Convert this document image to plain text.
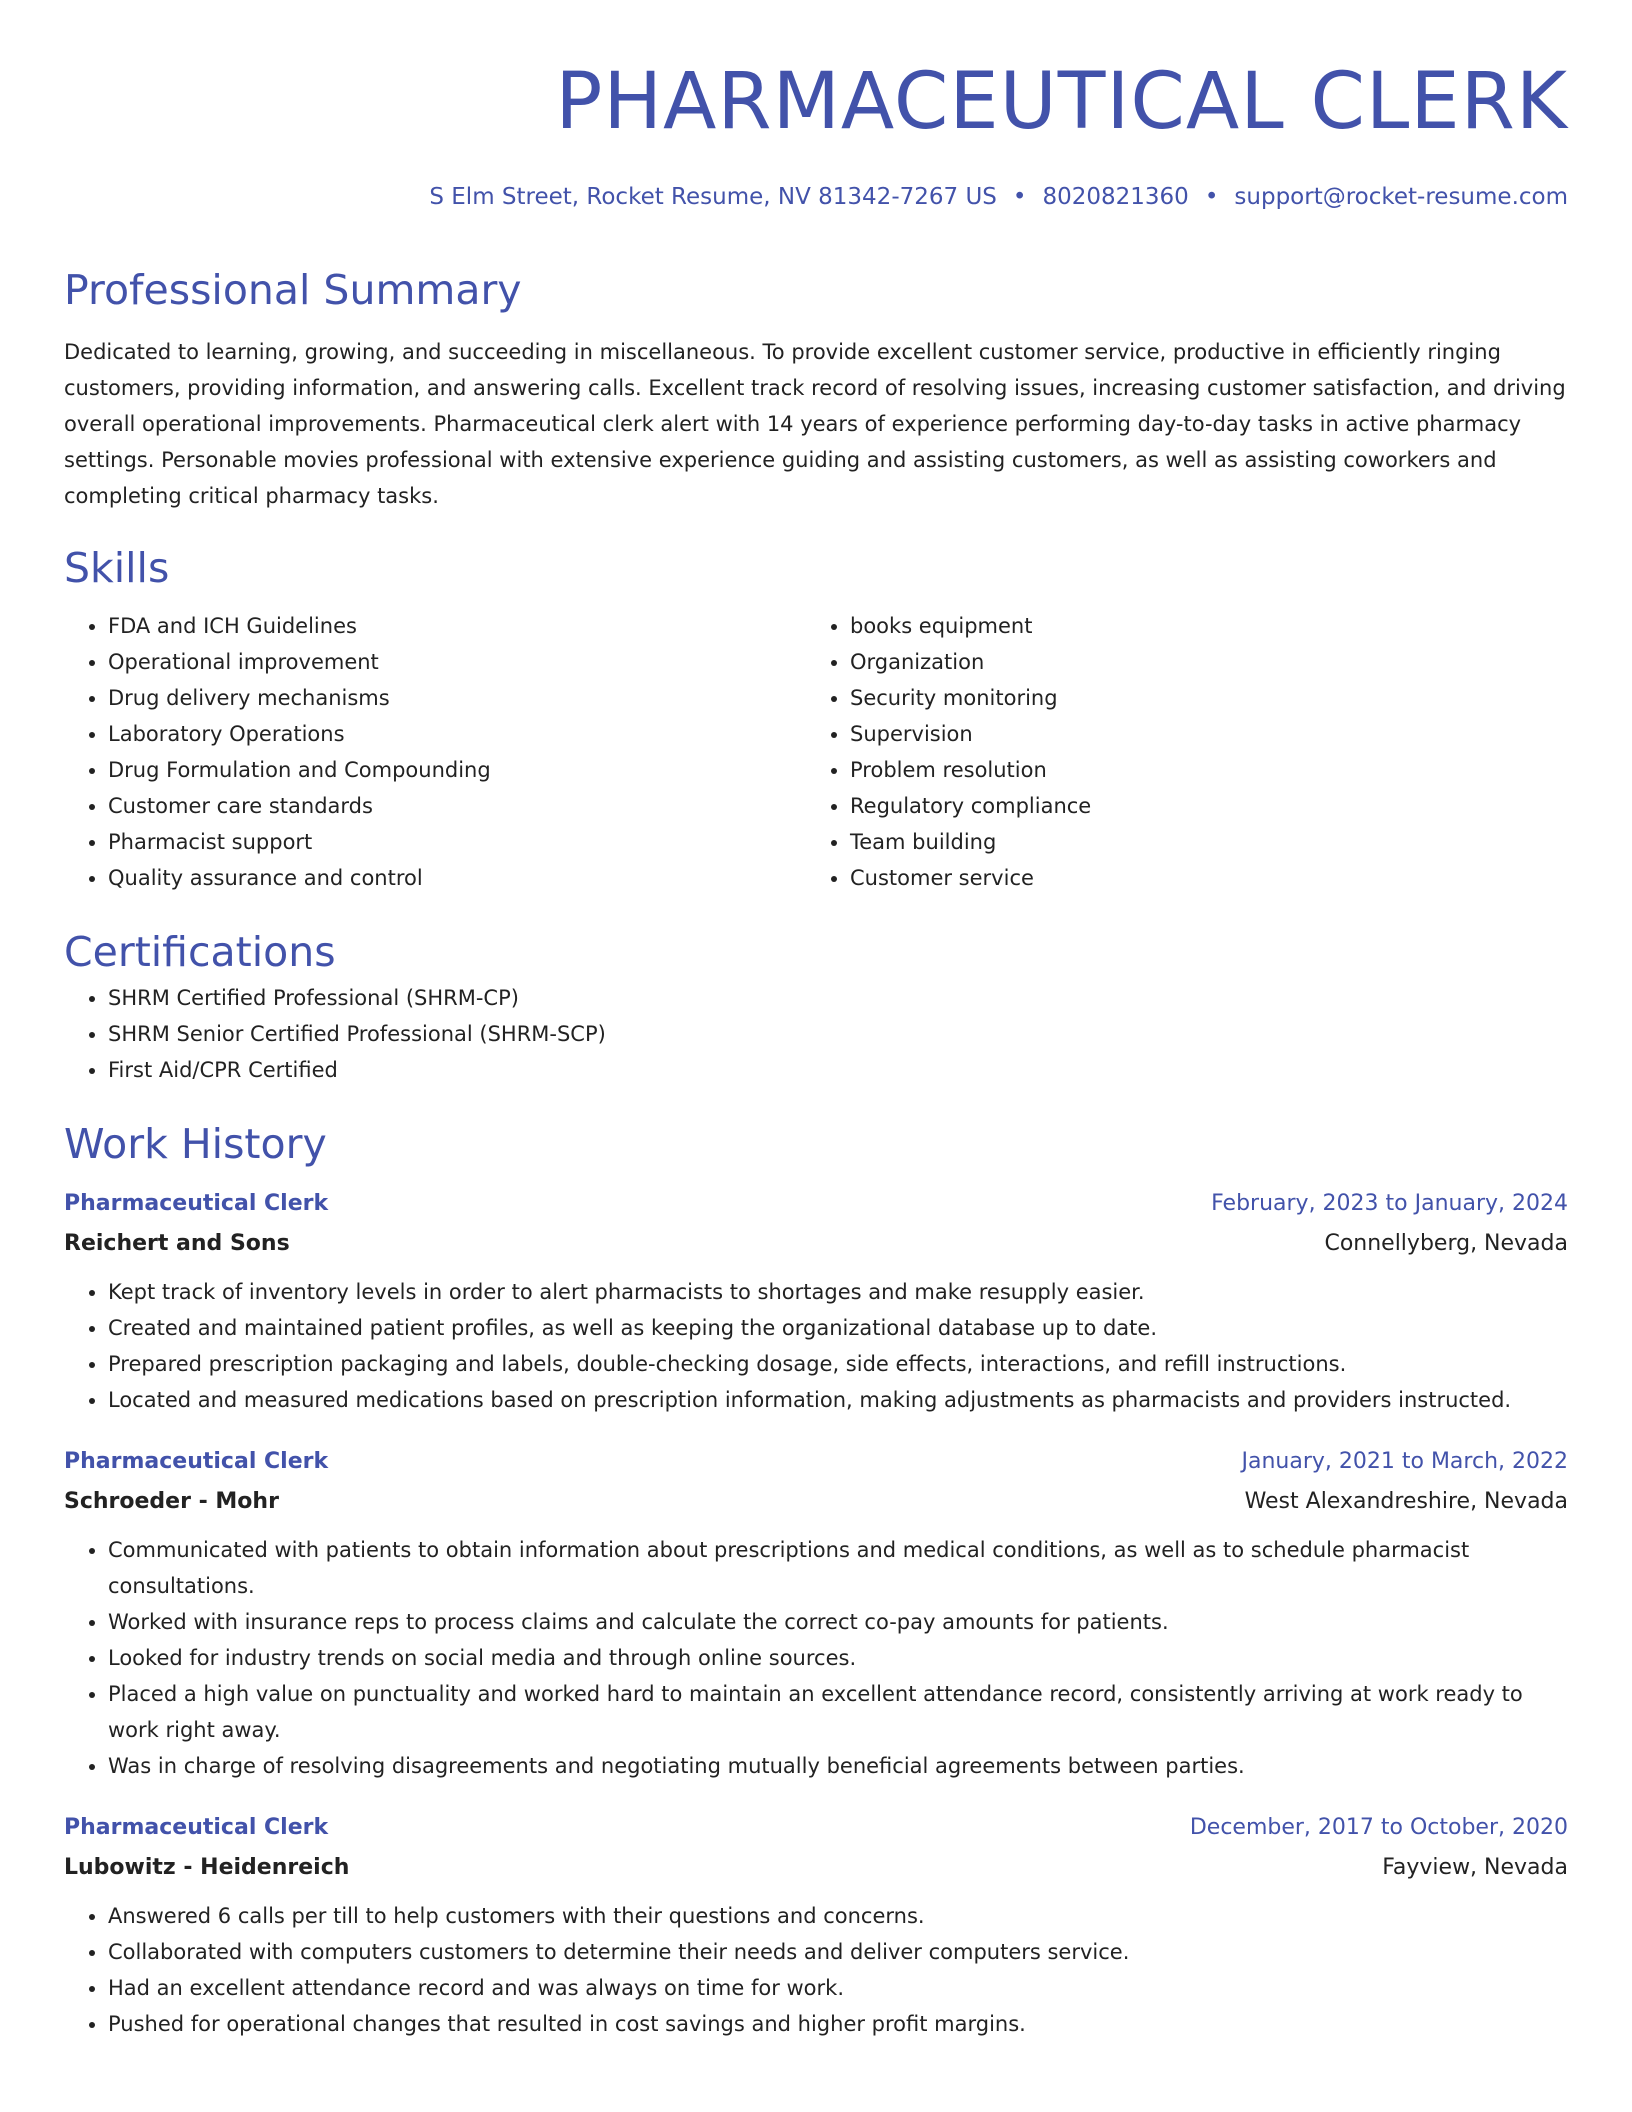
PHARMACEUTICAL CLERK
S Elm Street, Rocket Resume, NV 81342-7267 US • 8020821360 • support@rocket-resume.com
Professional Summary
Dedicated to learning, growing, and succeeding in miscellaneous. To provide excellent customer service, productive in efficiently ringing customers, providing information, and answering calls. Excellent track record of resolving issues, increasing customer satisfaction, and driving overall operational improvements. Pharmaceutical clerk alert with 14 years of experience performing day-to-day tasks in active pharmacy settings. Personable movies professional with extensive experience guiding and assisting customers, as well as assisting coworkers and completing critical pharmacy tasks.
Skills
• FDA and ICH Guidelines
• Operational improvement
• Drug delivery mechanisms
• Laboratory Operations
• Drug Formulation and Compounding
• Customer care standards
• Pharmacist support
• Quality assurance and control
• books equipment
• Organization
• Security monitoring
• Supervision
• Problem resolution
• Regulatory compliance
• Team building
• Customer service
Certifications
• SHRM Certified Professional (SHRM-CP)
• SHRM Senior Certified Professional (SHRM-SCP)
• First Aid/CPR Certified
Work History
Pharmaceutical Clerk	February, 2023 to January, 2024
Reichert and Sons	Connellyberg, Nevada
• Kept track of inventory levels in order to alert pharmacists to shortages and make resupply easier.
• Created and maintained patient profiles, as well as keeping the organizational database up to date.
• Prepared prescription packaging and labels, double-checking dosage, side effects, interactions, and refill instructions.
• Located and measured medications based on prescription information, making adjustments as pharmacists and providers instructed.
Pharmaceutical Clerk	January, 2021 to March, 2022
Schroeder - Mohr	West Alexandreshire, Nevada
• Communicated with patients to obtain information about prescriptions and medical conditions, as well as to schedule pharmacist consultations.
• Worked with insurance reps to process claims and calculate the correct co-pay amounts for patients.
• Looked for industry trends on social media and through online sources.
• Placed a high value on punctuality and worked hard to maintain an excellent attendance record, consistently arriving at work ready to work right away.
• Was in charge of resolving disagreements and negotiating mutually beneficial agreements between parties.
Pharmaceutical Clerk	December, 2017 to October, 2020
Lubowitz - Heidenreich	Fayview, Nevada
• Answered 6 calls per till to help customers with their questions and concerns.
• Collaborated with computers customers to determine their needs and deliver computers service.
• Had an excellent attendance record and was always on time for work.
• Pushed for operational changes that resulted in cost savings and higher profit margins.
